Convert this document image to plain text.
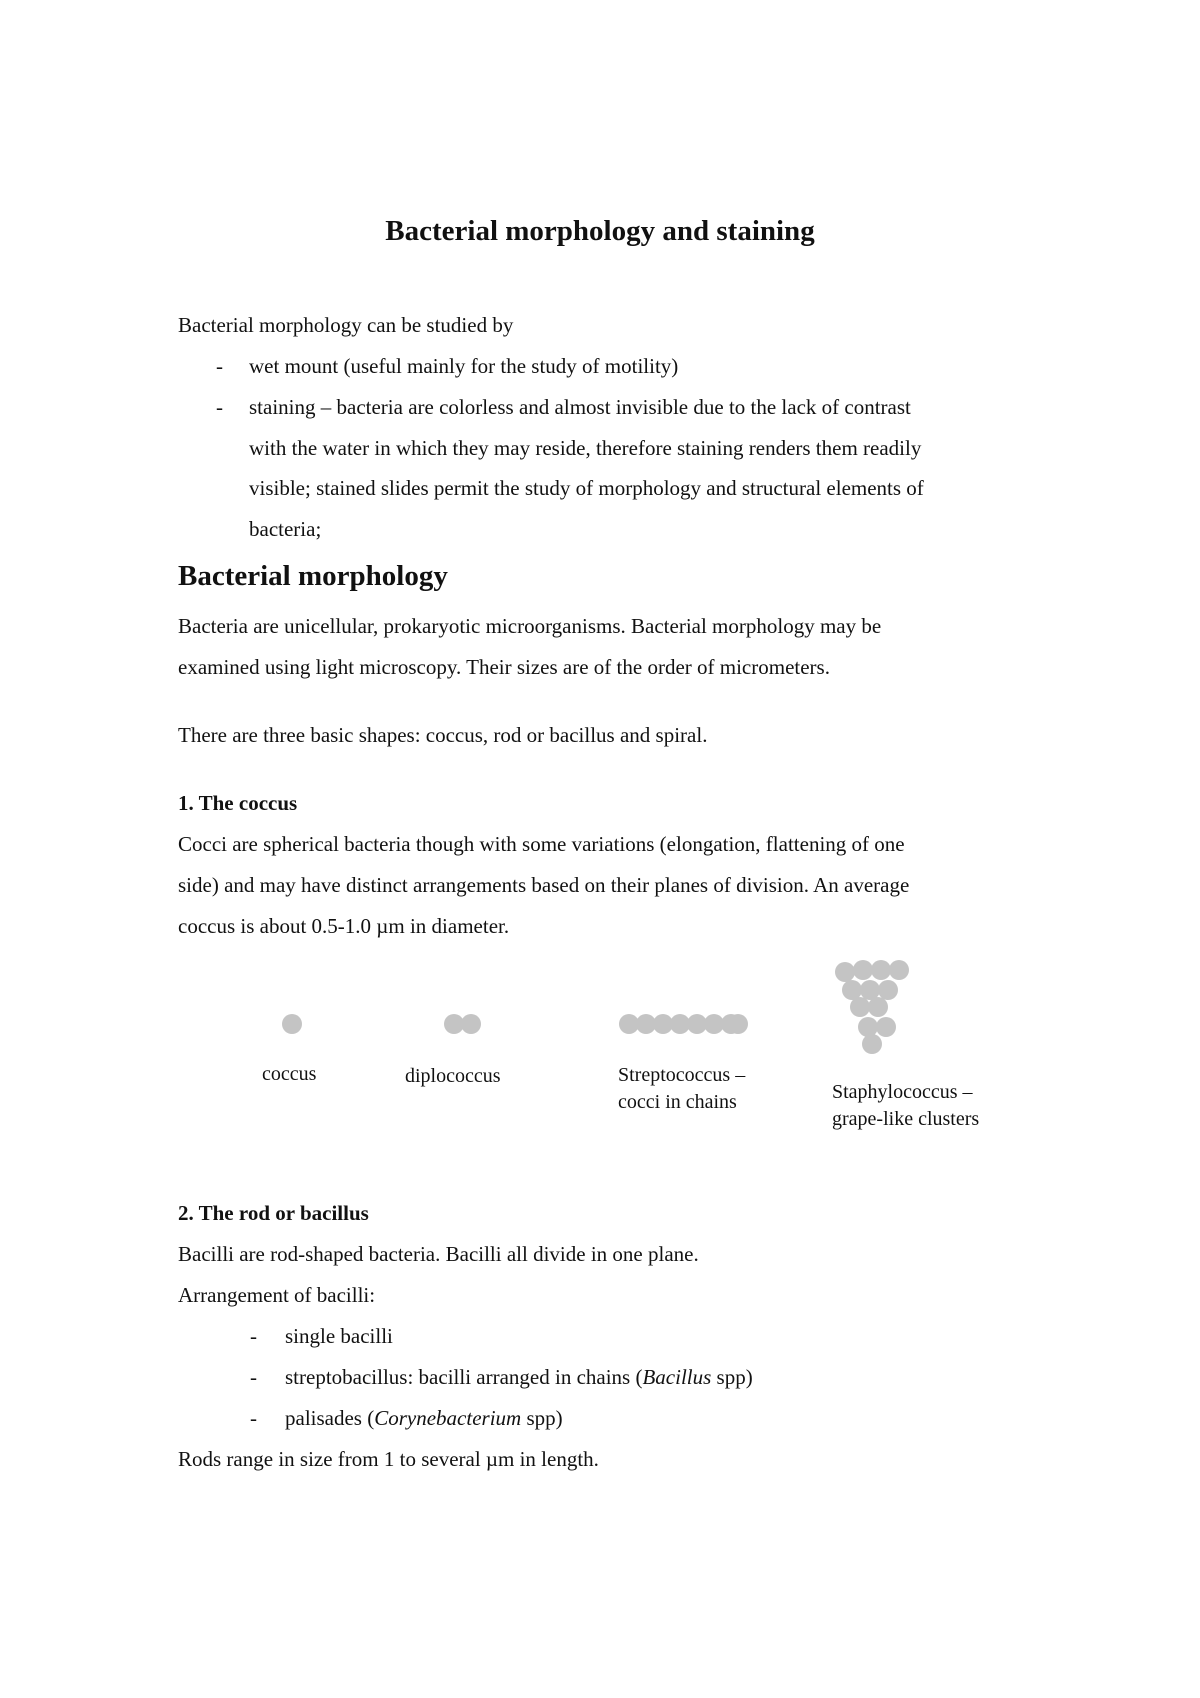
Bacterial morphology and staining
Bacterial morphology can be studied by
- wet mount (useful mainly for the study of motility)
- staining – bacteria are colorless and almost invisible due to the lack of contrast
with the water in which they may reside, therefore staining renders them readily
visible; stained slides permit the study of morphology and structural elements of
bacteria;
Bacterial morphology
Bacteria are unicellular, prokaryotic microorganisms. Bacterial morphology may be
examined using light microscopy. Their sizes are of the order of micrometers.
There are three basic shapes: coccus, rod or bacillus and spiral.
1. The coccus
Cocci are spherical bacteria though with some variations (elongation, flattening of one
side) and may have distinct arrangements based on their planes of division. An average
coccus is about 0.5-1.0 µm in diameter.
coccus	diplococcus	Streptococcus –
cocci in chains	Staphylococcus –
grape-like clusters
2. The rod or bacillus
Bacilli are rod-shaped bacteria. Bacilli all divide in one plane.
Arrangement of bacilli:
- single bacilli
- streptobacillus: bacilli arranged in chains (Bacillus spp)
- palisades (Corynebacterium spp)
Rods range in size from 1 to several µm in length.
